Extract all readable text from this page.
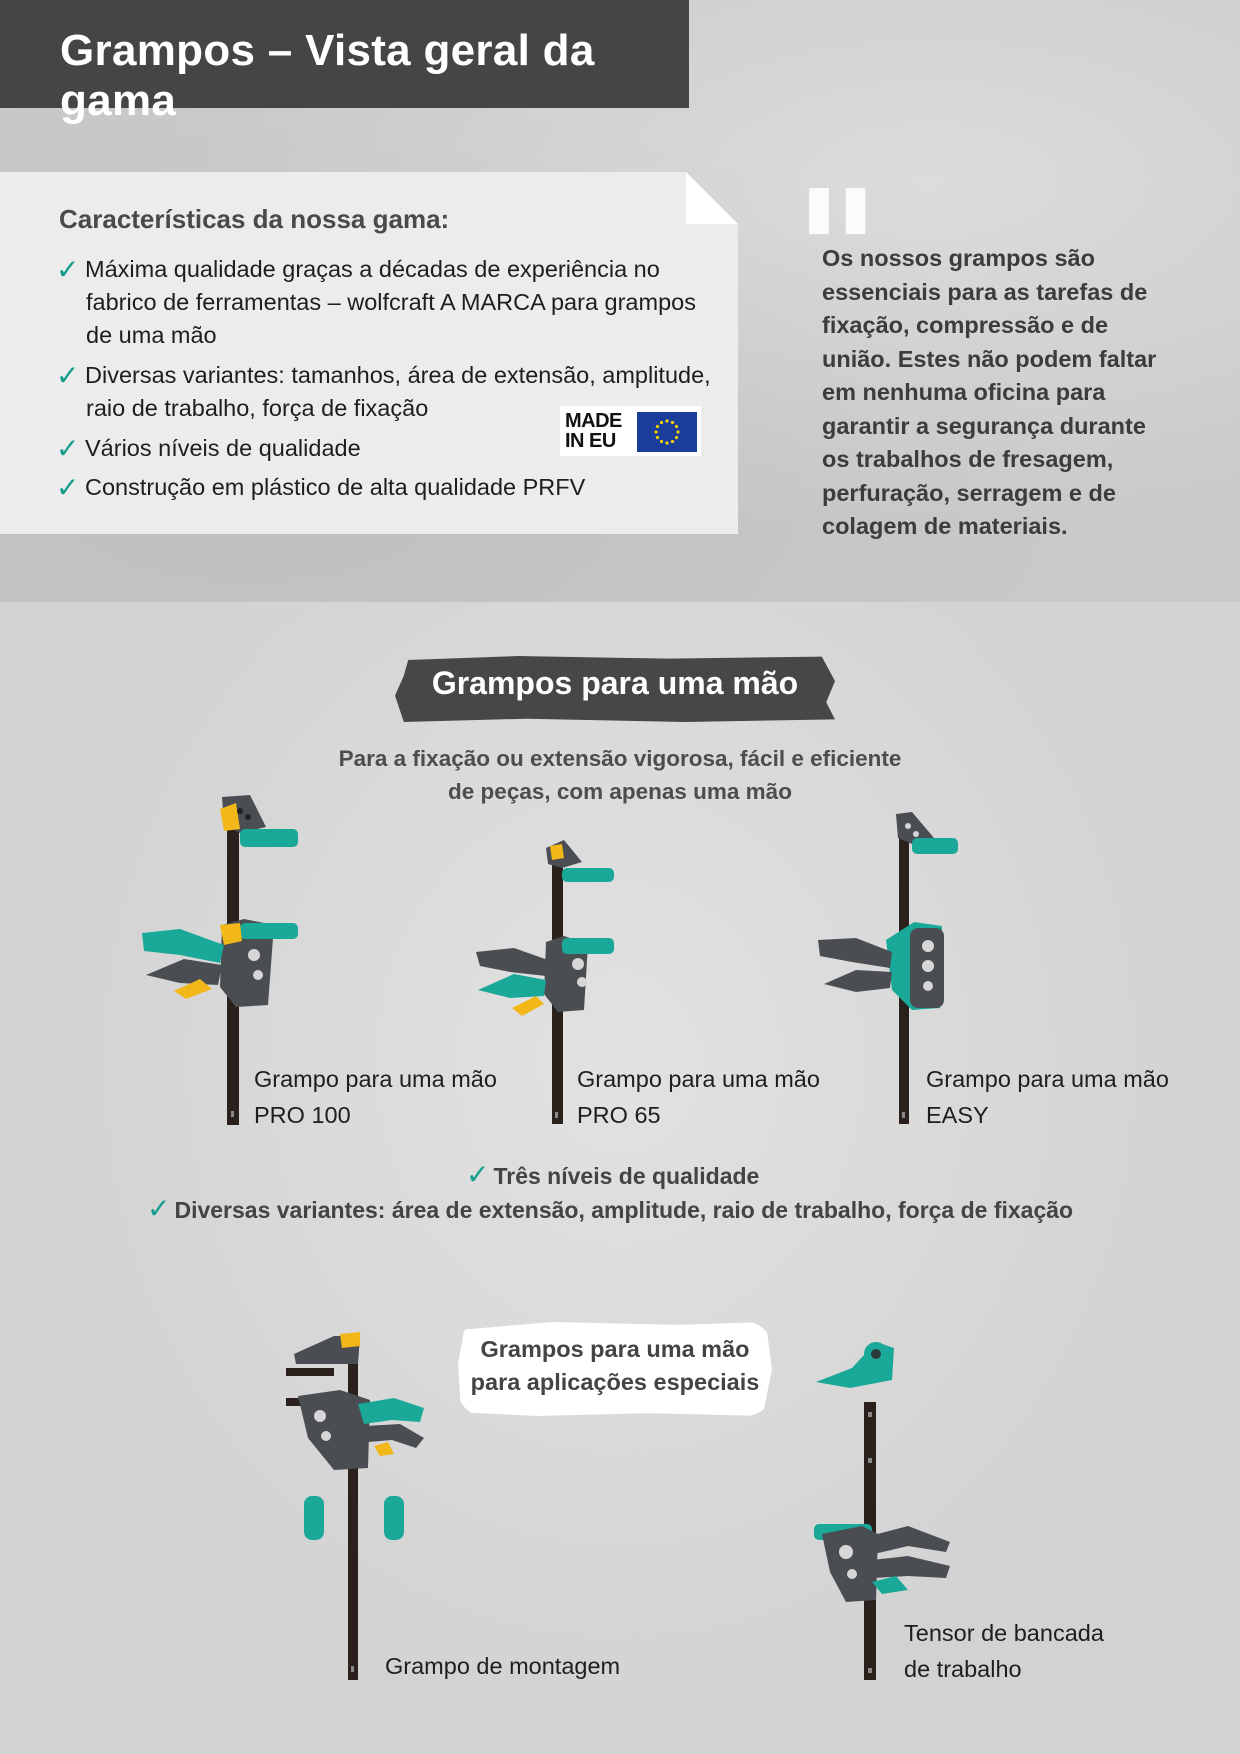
Grampos – Vista geral da gama
Características da nossa gama:
✓ Máxima qualidade graças a décadas de experiência no
fabrico de ferramentas – wolfcraft A MARCA para grampos
de uma mão
✓ Diversas variantes: tamanhos, área de extensão, amplitude,
raio de trabalho, força de fixação
✓ Vários níveis de qualidade
✓ Construção em plástico de alta qualidade PRFV
MADE
IN EU
"

Os nossos grampos são essenciais para as tarefas de fixação, compressão e de união. Estes não podem faltar em nenhuma oficina para garantir a segurança durante os trabalhos de fresagem, perfuração, serragem e de colagem de materiais.

Grampos para uma mão

Para a fixação ou extensão vigorosa, fácil e eficiente
de peças, com apenas uma mão

Grampo para uma mão
PRO 100
Grampo para uma mão
PRO 65
Grampo para uma mão
EASY
✓ Três níveis de qualidade
✓ Diversas variantes: área de extensão, amplitude, raio de trabalho, força de fixação

Grampos para uma mão
para aplicações especiais

Grampo de montagem
Tensor de bancada
de trabalho
